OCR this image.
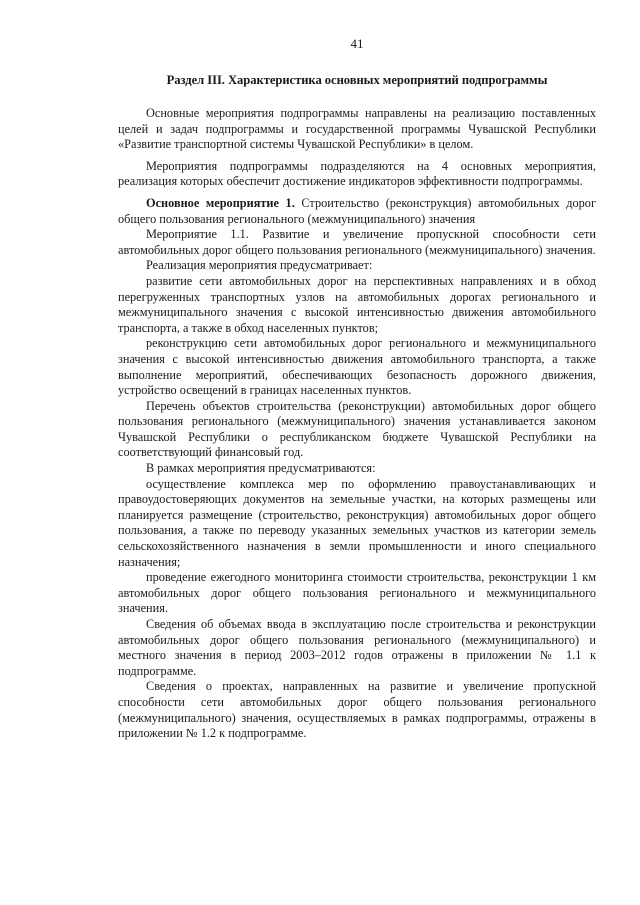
41
Раздел III. Характеристика основных мероприятий подпрограммы

Основные мероприятия подпрограммы направлены на реализацию поставленных целей и задач подпрограммы и государственной программы Чувашской Республики «Развитие транспортной системы Чувашской Республики» в целом.

Мероприятия подпрограммы подразделяются на 4 основных мероприятия, реализация которых обеспечит достижение индикаторов эффективности подпрограммы.

Основное мероприятие 1. Строительство (реконструкция) автомобильных дорог общего пользования регионального (межмуниципального) значения

Мероприятие 1.1. Развитие и увеличение пропускной способности сети автомобильных дорог общего пользования регионального (межмуниципального) значения.

Реализация мероприятия предусматривает:

развитие сети автомобильных дорог на перспективных направлениях и в обход перегруженных транспортных узлов на автомобильных дорогах регионального и межмуниципального значения с высокой интенсивностью движения автомобильного транспорта, а также в обход населенных пунктов;

реконструкцию сети автомобильных дорог регионального и межмуниципального значения с высокой интенсивностью движения автомобильного транспорта, а также выполнение мероприятий, обеспечивающих безопасность дорожного движения, устройство освещений в границах населенных пунктов.

Перечень объектов строительства (реконструкции) автомобильных дорог общего пользования регионального (межмуниципального) значения устанавливается законом Чувашской Республики о республиканском бюджете Чувашской Республики на соответствующий финансовый год.

В рамках мероприятия предусматриваются:

осуществление комплекса мер по оформлению правоустанавливающих и правоудостоверяющих документов на земельные участки, на которых размещены или планируется размещение (строительство, реконструкция) автомобильных дорог общего пользования, а также по переводу указанных земельных участков из категории земель сельскохозяйственного назначения в земли промышленности и иного специального назначения;

проведение ежегодного мониторинга стоимости строительства, реконструкции 1 км автомобильных дорог общего пользования регионального и межмуниципального значения.

Сведения об объемах ввода в эксплуатацию после строительства и реконструкции автомобильных дорог общего пользования регионального (межмуниципального) и местного значения в период 2003–2012 годов отражены в приложении № 1.1 к подпрограмме.

Сведения о проектах, направленных на развитие и увеличение пропускной способности сети автомобильных дорог общего пользования регионального (межмуниципального) значения, осуществляемых в рамках подпрограммы, отражены в приложении № 1.2 к подпрограмме.
